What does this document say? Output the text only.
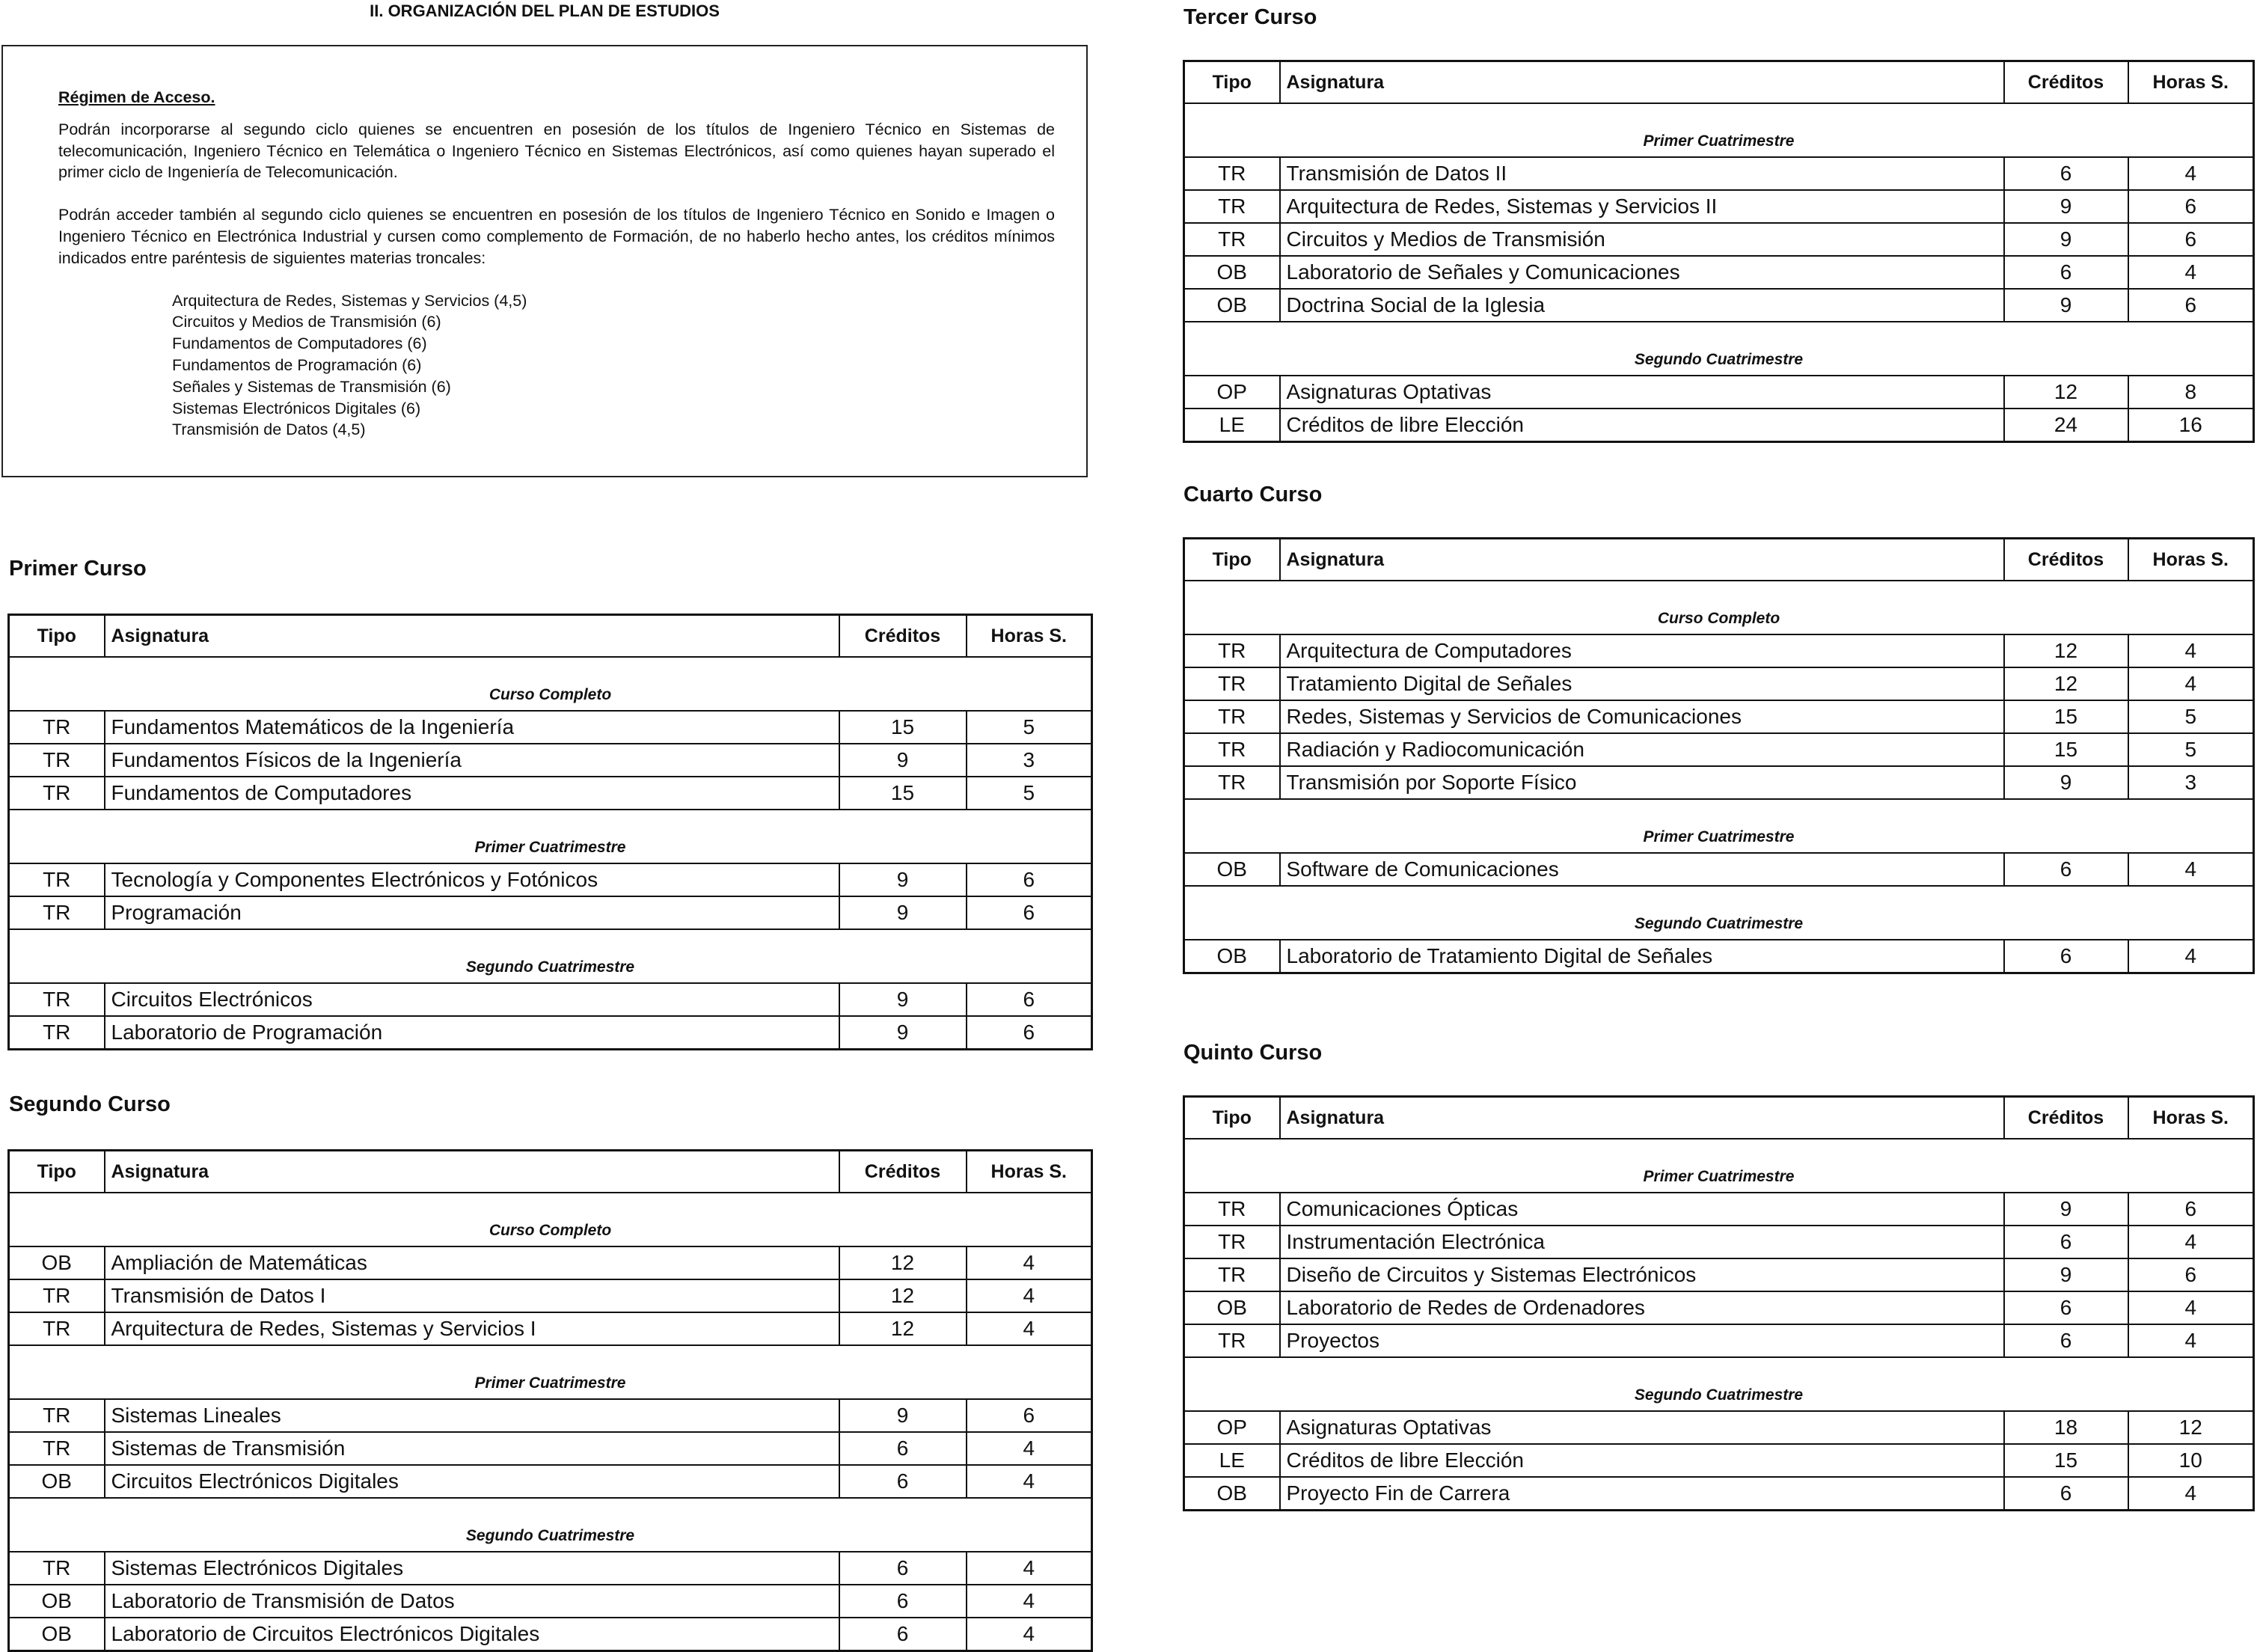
II. ORGANIZACIÓN DEL PLAN DE ESTUDIOS

Régimen de Acceso.

Podrán incorporarse al segundo ciclo quienes se encuentren en posesión de los títulos de Ingeniero Técnico en Sistemas de telecomunicación, Ingeniero Técnico en Telemática o Ingeniero Técnico en Sistemas Electrónicos, así como quienes hayan superado el primer ciclo de Ingeniería de Telecomunicación.

Podrán acceder también al segundo ciclo quienes se encuentren en posesión de los títulos de Ingeniero Técnico en Sonido e Imagen o Ingeniero Técnico en Electrónica Industrial y cursen como complemento de Formación, de no haberlo hecho antes, los créditos mínimos indicados entre paréntesis de siguientes materias troncales:

Arquitectura de Redes, Sistemas y Servicios (4,5)
Circuitos y Medios de Transmisión (6)
Fundamentos de Computadores (6)
Fundamentos de Programación (6)
Señales y Sistemas de Transmisión (6)
Sistemas Electrónicos Digitales (6)
Transmisión de Datos (4,5)
Primer Curso
Tipo	Asignatura	Créditos	Horas S.
Curso Completo			
TR	Fundamentos Matemáticos de la Ingeniería	15	5
TR	Fundamentos Físicos de la Ingeniería	9	3
TR	Fundamentos de Computadores	15	5
Primer Cuatrimestre			
TR	Tecnología y Componentes Electrónicos y Fotónicos	9	6
TR	Programación	9	6
Segundo Cuatrimestre			
TR	Circuitos Electrónicos	9	6
TR	Laboratorio de Programación	9	6
Segundo Curso
Tipo	Asignatura	Créditos	Horas S.
Curso Completo			
OB	Ampliación de Matemáticas	12	4
TR	Transmisión de Datos I	12	4
TR	Arquitectura de Redes, Sistemas y Servicios I	12	4
Primer Cuatrimestre			
TR	Sistemas Lineales	9	6
TR	Sistemas de Transmisión	6	4
OB	Circuitos Electrónicos Digitales	6	4
Segundo Cuatrimestre			
TR	Sistemas Electrónicos Digitales	6	4
OB	Laboratorio de Transmisión de Datos	6	4
OB	Laboratorio de Circuitos Electrónicos Digitales	6	4
Tercer Curso
Tipo	Asignatura	Créditos	Horas S.
Primer Cuatrimestre			
TR	Transmisión de Datos II	6	4
TR	Arquitectura de Redes, Sistemas y Servicios II	9	6
TR	Circuitos y Medios de Transmisión	9	6
OB	Laboratorio de Señales y Comunicaciones	6	4
OB	Doctrina Social de la Iglesia	9	6
Segundo Cuatrimestre			
OP	Asignaturas Optativas	12	8
LE	Créditos de libre Elección	24	16
Cuarto Curso
Tipo	Asignatura	Créditos	Horas S.
Curso Completo			
TR	Arquitectura de Computadores	12	4
TR	Tratamiento Digital de Señales	12	4
TR	Redes, Sistemas y Servicios de Comunicaciones	15	5
TR	Radiación y Radiocomunicación	15	5
TR	Transmisión por Soporte Físico	9	3
Primer Cuatrimestre			
OB	Software de Comunicaciones	6	4
Segundo Cuatrimestre			
OB	Laboratorio de Tratamiento Digital de Señales	6	4
Quinto Curso
Tipo	Asignatura	Créditos	Horas S.
Primer Cuatrimestre			
TR	Comunicaciones Ópticas	9	6
TR	Instrumentación Electrónica	6	4
TR	Diseño de Circuitos y Sistemas Electrónicos	9	6
OB	Laboratorio de Redes de Ordenadores	6	4
TR	Proyectos	6	4
Segundo Cuatrimestre			
OP	Asignaturas Optativas	18	12
LE	Créditos de libre Elección	15	10
OB	Proyecto Fin de Carrera	6	4
